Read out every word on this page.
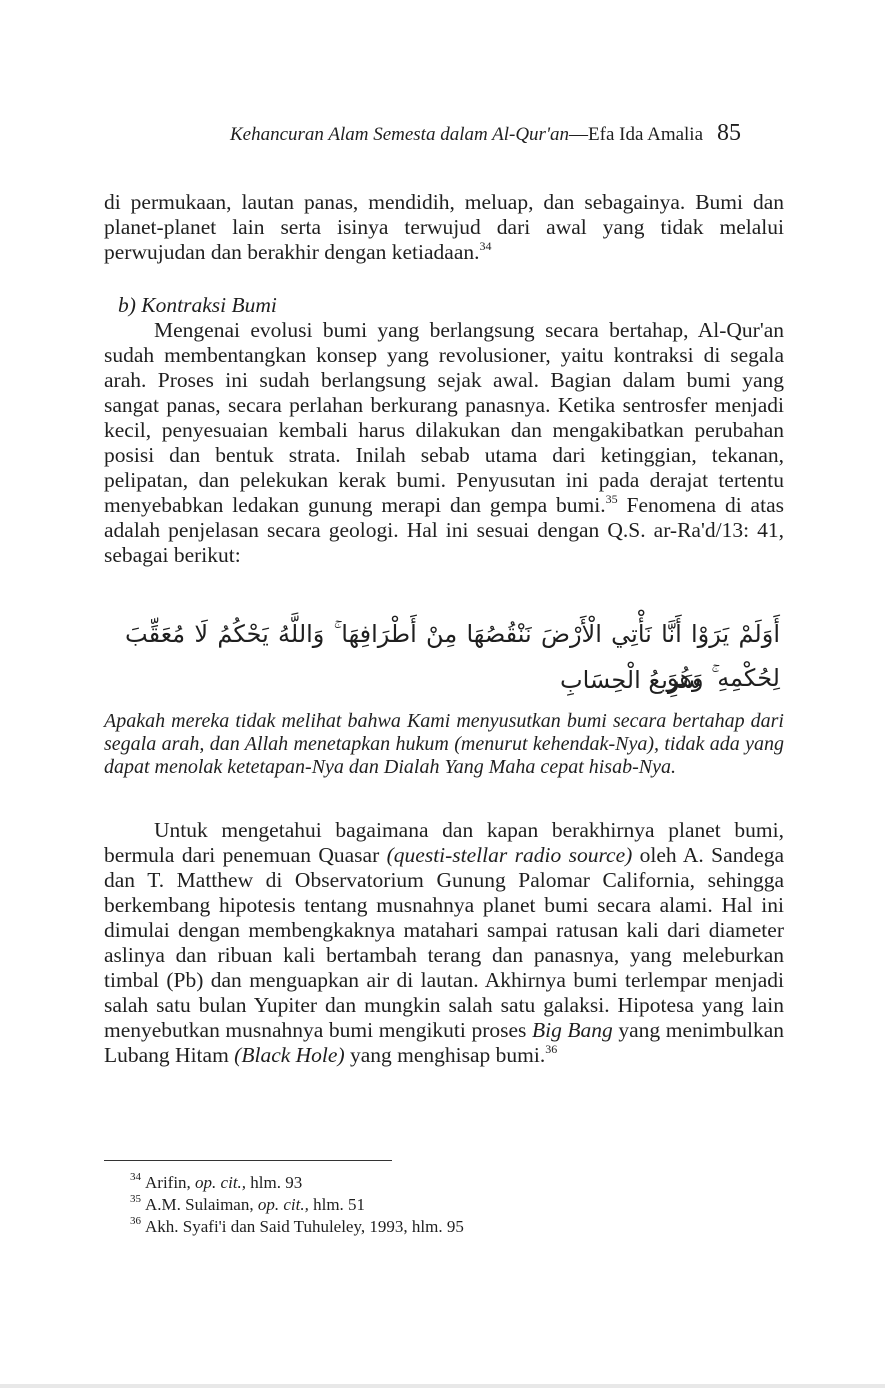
Kehancuran Alam Semesta dalam Al-Qur'an — Efa Ida Amalia 85

di permukaan, lautan panas, mendidih, meluap, dan sebagainya. Bumi dan planet-planet lain serta isinya terwujud dari awal yang tidak melalui perwujudan dan berakhir dengan ketiadaan.$^{34}$

b) Kontraksi Bumi

Mengenai evolusi bumi yang berlangsung secara bertahap, Al-Qur'an sudah membentangkan konsep yang revolusioner, yaitu kontraksi di segala arah. Proses ini sudah berlangsung sejak awal. Bagian dalam bumi yang sangat panas, secara perlahan berkurang panasnya. Ketika sentrosfer menjadi kecil, penyesuaian kembali harus dilakukan dan mengakibatkan perubahan posisi dan bentuk strata. Inilah sebab utama dari ketinggian, tekanan, pelipatan, dan pelekukan kerak bumi. Penyusutan ini pada derajat tertentu menyebabkan ledakan gunung merapi dan gempa bumi.$^{35}$ Fenomena di atas adalah penjelasan secara geologi. Hal ini sesuai dengan Q.S. ar-Ra'd/13: 41, sebagai berikut:

أَوَلَمْ يَرَوْا أَنَّا نَأْتِي الْأَرْضَ نَنْقُصُهَا مِنْ أَطْرَافِهَا ۚ وَاللَّهُ يَحْكُمُ لَا مُعَقِّبَ لِحُكْمِهِ ۚ وَهُوَ
سَرِيعُ الْحِسَابِ
Apakah mereka tidak melihat bahwa Kami menyusutkan bumi secara bertahap dari segala arah, dan Allah menetapkan hukum (menurut kehendak-Nya), tidak ada yang dapat menolak ketetapan-Nya dan Dialah Yang Maha cepat hisab-Nya.

Untuk mengetahui bagaimana dan kapan berakhirnya planet bumi, bermula dari penemuan Quasar (questi-stellar radio source) oleh A. Sandega dan T. Matthew di Observatorium Gunung Palomar California, sehingga berkembang hipotesis tentang musnahnya planet bumi secara alami. Hal ini dimulai dengan membengkaknya matahari sampai ratusan kali dari diameter aslinya dan ribuan kali bertambah terang dan panasnya, yang meleburkan timbal (Pb) dan menguapkan air di lautan. Akhirnya bumi terlempar menjadi salah satu bulan Yupiter dan mungkin salah satu galaksi. Hipotesa yang lain menyebutkan musnahnya bumi mengikuti proses Big Bang yang menimbulkan Lubang Hitam (Black Hole) yang menghisap bumi.$^{36}$

$^{34}$ Arifin, op. cit., hlm. 93
$^{35}$ A.M. Sulaiman, op. cit., hlm. 51
$^{36}$ Akh. Syafi'i dan Said Tuhuleley, 1993, hlm. 95
